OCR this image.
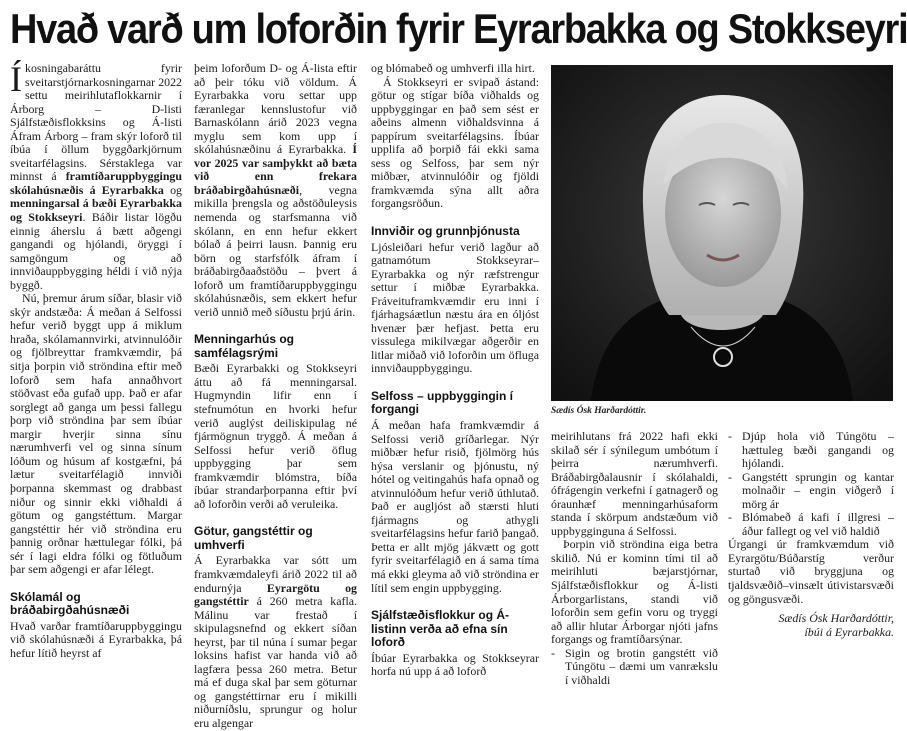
Hvað varð um loforðin fyrir Eyrarbakka og Stokkseyri

Íkosningabaráttu fyrir sveitarstjórnarkosningarnar 2022 settu meirihlutaflokkarnir í Árborg – D-listi Sjálfstæðisflokksins og Á-listi Áfram Árborg – fram skýr loforð til íbúa í öllum byggðarkjörnum sveitarfélagsins. Sérstaklega var minnst á framtíðaruppbyggingu skólahúsnæðis á Eyrarbakka og menningarsal á bæði Eyrarbakka og Stokkseyri. Báðir listar lögðu einnig áherslu á bætt aðgengi gangandi og hjólandi, öryggi í samgöngum og að innviðauppbygging héldi í við nýja byggð.

Nú, þremur árum síðar, blasir við skýr andstæða: Á meðan á Selfossi hefur verið byggt upp á miklum hraða, skólamannvirki, atvinnulóðir og fjölbreyttar framkvæmdir, þá sitja þorpin við ströndina eftir með loforð sem hafa annaðhvort stöðvast eða gufað upp. Það er afar sorglegt að ganga um þessi fallegu þorp við ströndina þar sem íbúar margir hverjir sinna sínu nærumhverfi vel og sinna sínum lóðum og húsum af kostgæfni, þá lætur sveitarfélagið innviði þorpanna skemmast og drabbast niður og sinnir ekki viðhaldi á götum og gangstéttum. Margar gangstéttir hér við ströndina eru þannig orðnar hættulegar fólki, þá sér í lagi eldra fólki og fötluðum þar sem aðgengi er afar lélegt.

Skólamál og bráðabirgðahúsnæði

Hvað varðar framtíðaruppbyggingu við skólahúsnæði á Eyrarbakka, þá hefur lítið heyrst af

þeim loforðum D- og Á-lista eftir að þeir tóku við völdum. Á Eyrarbakka voru settar upp færanlegar kennslustofur við Barnaskólann árið 2023 vegna myglu sem kom upp í skólahúsnæðinu á Eyrarbakka. Í vor 2025 var samþykkt að bæta við enn frekara bráðabirgðahúsnæði, vegna mikilla þrengsla og aðstöðuleysis nemenda og starfsmanna við skólann, en enn hefur ekkert bólað á þeirri lausn. Þannig eru börn og starfsfólk áfram í bráðabirgðaaðstöðu – þvert á loforð um framtíðaruppbyggingu skólahúsnæðis, sem ekkert hefur verið unnið með síðustu þrjú árin.

Menningarhús og samfélagsrými

Bæði Eyrarbakki og Stokkseyri áttu að fá menningarsal. Hugmyndin lifir enn í stefnumótun en hvorki hefur verið auglýst deiliskipulag né fjármögnun tryggð. Á meðan á Selfossi hefur verið öflug uppbygging þar sem framkvæmdir blómstra, bíða íbúar strandarþorpanna eftir því að loforðin verði að veruleika.

Götur, gangstéttir og umhverfi

Á Eyrarbakka var sótt um framkvæmdaleyfi árið 2022 til að endurnýja Eyrargötu og gangstéttir á 260 metra kafla. Málinu var frestað í skipulagsnefnd og ekkert síðan heyrst, þar til núna í sumar þegar loksins hafist var handa við að lagfæra þessa 260 metra. Betur má ef duga skal þar sem göturnar og gangstéttirnar eru í mikilli niðurníðslu, sprungur og holur eru algengar

og blómabeð og umhverfi illa hirt.

Á Stokkseyri er svipað ástand: götur og stígar bíða viðhalds og uppbyggingar en það sem sést er aðeins almenn viðhaldsvinna á pappírum sveitarfélagsins. Íbúar upplifa að þorpið fái ekki sama sess og Selfoss, þar sem nýr miðbær, atvinnulóðir og fjöldi framkvæmda sýna allt aðra forgangsröðun.

Innviðir og grunnþjónusta

Ljósleiðari hefur verið lagður að gatnamótum Stokkseyrar–Eyrarbakka og nýr ræfstrengur settur í miðbæ Eyrarbakka. Fráveituframkvæmdir eru inni í fjárhagsáætlun næstu ára en óljóst hvenær þær hefjast. Þetta eru vissulega mikilvægar aðgerðir en litlar miðað við loforðin um öfluga innviðauppbyggingu.

Selfoss – uppbyggingin í forgangi

Á meðan hafa framkvæmdir á Selfossi verið gríðarlegar. Nýr miðbær hefur risið, fjölmörg hús hýsa verslanir og þjónustu, ný hótel og veitingahús hafa opnað og atvinnulóðum hefur verið úthlutað. Það er augljóst að stærsti hluti fjármagns og athygli sveitarfélagsins hefur farið þangað. Þetta er allt mjög jákvætt og gott fyrir sveitarfélagið en á sama tíma má ekki gleyma að við ströndina er lítil sem engin uppbygging.

Sjálfstæðisflokkur og Á-listinn verða að efna sín loforð

Íbúar Eyrarbakka og Stokkseyrar horfa nú upp á að loforð

Sædís Ósk Harðardóttir.

meirihlutans frá 2022 hafi ekki skilað sér í sýnilegum umbótum í þeirra nærumhverfi. Bráðabirgðalausnir í skólahaldi, ófrágengin verkefni í gatnagerð og óraunhæf menningarhúsaform standa í skörpum andstæðum við uppbygginguna á Selfossi.

Þorpin við ströndina eiga betra skilið. Nú er kominn tími til að meirihluti bæjarstjórnar, Sjálfstæðisflokkur og Á-listi Árborgarlistans, standi við loforðin sem gefin voru og tryggi að allir hlutar Árborgar njóti jafns forgangs og framtíðarsýnar.

- Sigin og brotin gangstétt við Túngötu – dæmi um vanrækslu í viðhaldi
- Djúp hola við Túngötu – hættuleg bæði gangandi og hjólandi.
- Gangstétt sprungin og kantar molnaðir – engin viðgerð í mörg ár
- Blómabeð á kafi í illgresi – áður fallegt og vel við haldið

Úrgangi úr framkvæmdum við Eyrargötu/Búðarstíg verður sturtað við bryggjuna og tjaldsvæðið–vinsælt útivistarsvæði og göngusvæði.

Sædís Ósk Harðardóttir,
íbúi á Eyrarbakka.
